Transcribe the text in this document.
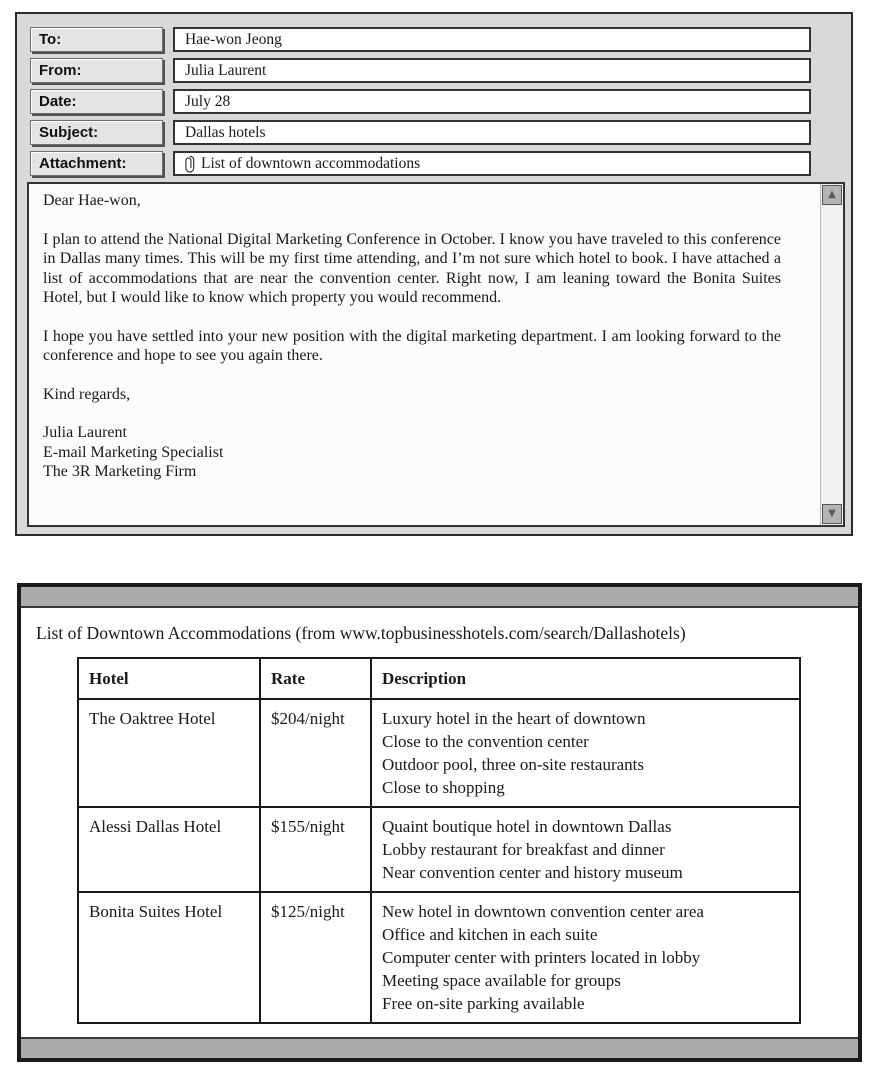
To:	Hae-won Jeong
From:	Julia Laurent
Date:	July 28
Subject:	Dallas hotels
Attachment:	List of downtown accommodations

Dear Hae-won,

I plan to attend the National Digital Marketing Conference in October. I know you have traveled to this conference in Dallas many times. This will be my first time attending, and I’m not sure which hotel to book. I have attached a list of accommodations that are near the convention center. Right now, I am leaning toward the Bonita Suites Hotel, but I would like to know which property you would recommend.

I hope you have settled into your new position with the digital marketing department. I am looking forward to the conference and hope to see you again there.

Kind regards,

Julia Laurent
E-mail Marketing Specialist
The 3R Marketing Firm
▲
▼
List of Downtown Accommodations (from www.topbusinesshotels.com/search/Dallashotels)
Hotel	Rate	Description
The Oaktree Hotel	$204/night	Luxury hotel in the heart of downtown
Close to the convention center
Outdoor pool, three on-site restaurants
Close to shopping

Alessi Dallas Hotel	$155/night	Quaint boutique hotel in downtown Dallas
Lobby restaurant for breakfast and dinner
Near convention center and history museum

Bonita Suites Hotel	$125/night	New hotel in downtown convention center area
Office and kitchen in each suite
Computer center with printers located in lobby
Meeting space available for groups
Free on-site parking available
